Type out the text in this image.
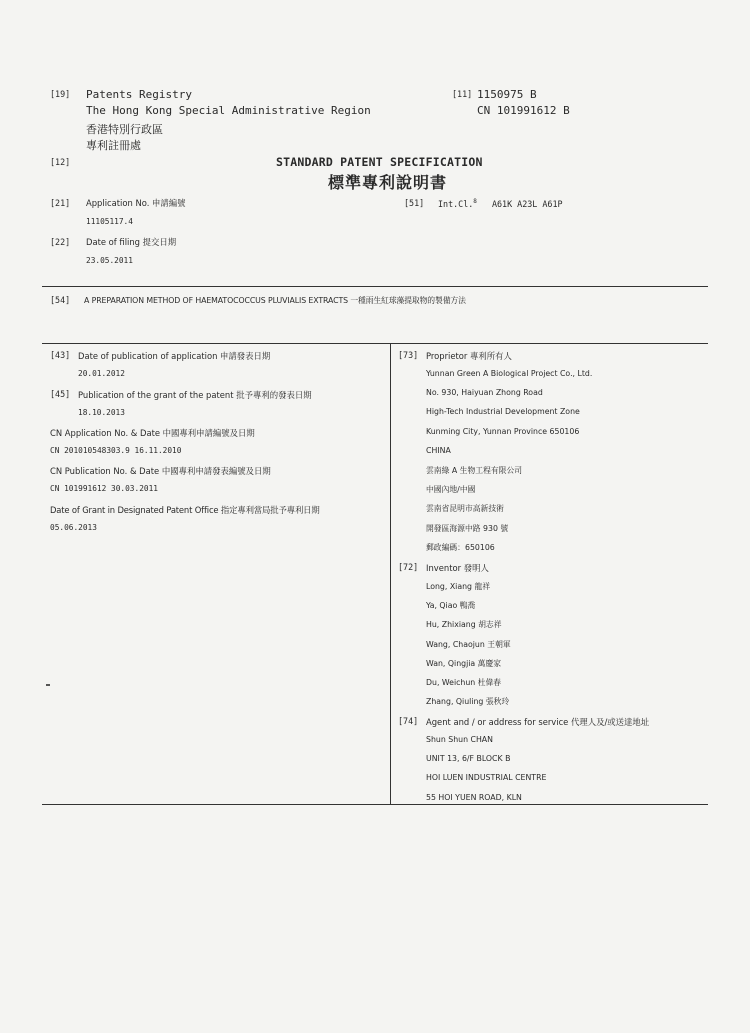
[19] Patents Registry
The Hong Kong Special Administrative Region
香港特別行政區
專利註冊處
[11] 1150975 B
CN 101991612 B
[12]	STANDARD PATENT SPECIFICATION
標準專利說明書
[21] Application No. 申請編號
11105117.4
[22] Date of filing 提交日期
23.05.2011
[51] Int.Cl.$^8$ A61K A23L A61P
[54] A PREPARATION METHOD OF HAEMATOCOCCUS PLUVIALIS EXTRACTS 一種雨生紅球藻提取物的製備方法
[43] Date of publication of application 申請發表日期
20.01.2012
[45] Publication of the grant of the patent 批予專利的發表日期
18.10.2013
CN Application No. & Date 中國專利申請編號及日期
CN 201010548303.9 16.11.2010
CN Publication No. & Date 中國專利申請發表編號及日期
CN 101991612 30.03.2011
Date of Grant in Designated Patent Office 指定專利當局批予專利日期
05.06.2013
[73] Proprietor 專利所有人
Yunnan Green A Biological Project Co., Ltd.
No. 930, Haiyuan Zhong Road
High-Tech Industrial Development Zone
Kunming City, Yunnan Province 650106
CHINA
雲南綠 A 生物工程有限公司
中國內地/中國
雲南省昆明市高新技術
開發區海源中路 930 號
郵政編碼：650106
[72] Inventor 發明人
Long, Xiang 龍祥
Ya, Qiao 鴨喬
Hu, Zhixiang 胡志祥
Wang, Chaojun 王朝軍
Wan, Qingjia 萬慶家
Du, Weichun 杜偉春
Zhang, Qiuling 張秋玲
[74] Agent and / or address for service 代理人及/或送達地址
Shun Shun CHAN
UNIT 13, 6/F BLOCK B
HOI LUEN INDUSTRIAL CENTRE
55 HOI YUEN ROAD, KLN
